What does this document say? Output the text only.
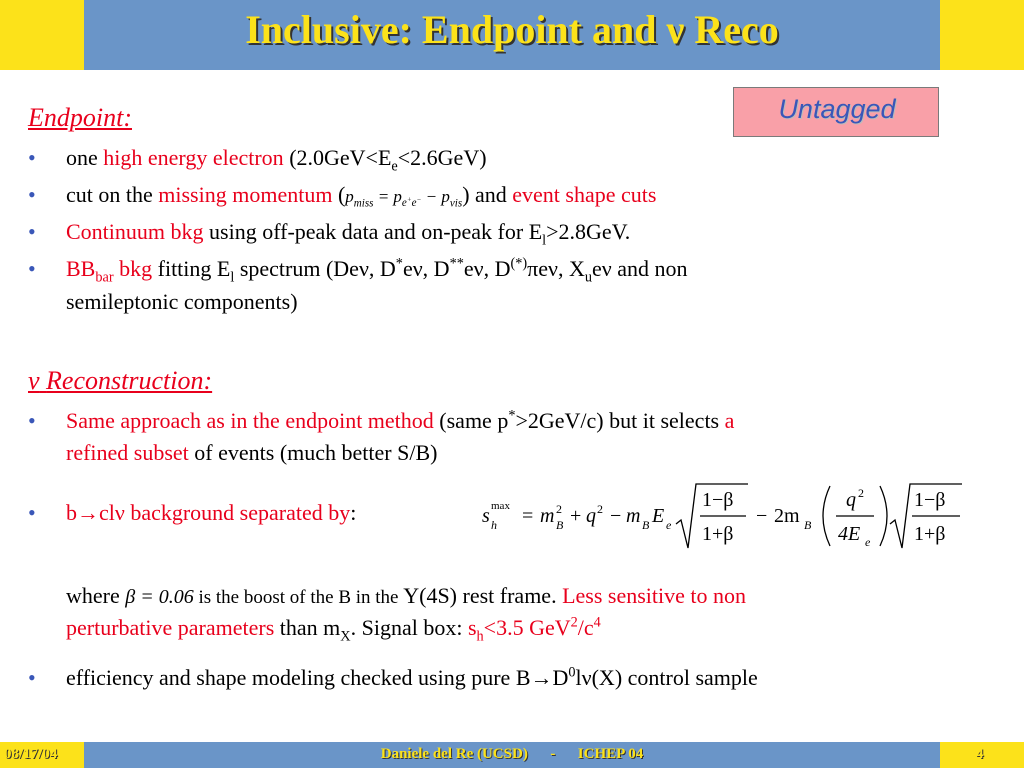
Inclusive: Endpoint and ν Reco
Untagged
Endpoint:
• one high energy electron $(2.0GeV<E_e<2.6GeV)$
• cut on the missing momentum $(p_{miss} = p_{e^+e^-} - p_{vis})$ and event shape cuts
• Continuum bkg using off-peak data and on-peak for $E_l>2.8GeV$.
• $BB_{bar}$ bkg fitting $E_l$ spectrum (Deν, D*eν, D**eν, D(*)πeν, $X_ue\nu$ and non
semileptonic components)
ν Reconstruction:
• Same approach as in the endpoint method (same p*>2GeV/c) but it selects a
refined subset of events (much better S/B)
• b→clν background separated by:	s h
max = m B
2 + q 2 − m B E e
1−β
1+β
− 2m B
q 2
4E e
1−β
1+β
where β = 0.06 is the boost of the B in the Υ(4S) rest frame. Less sensitive to non
perturbative parameters than $m_X$. Signal box: $s_h<3.5$ $GeV^2/c^4$
• efficiency and shape modeling checked using pure $B\to D^0l\nu(X)$ control sample
08/17/04	Daniele del Re (UCSD)      -      ICHEP 04	4
